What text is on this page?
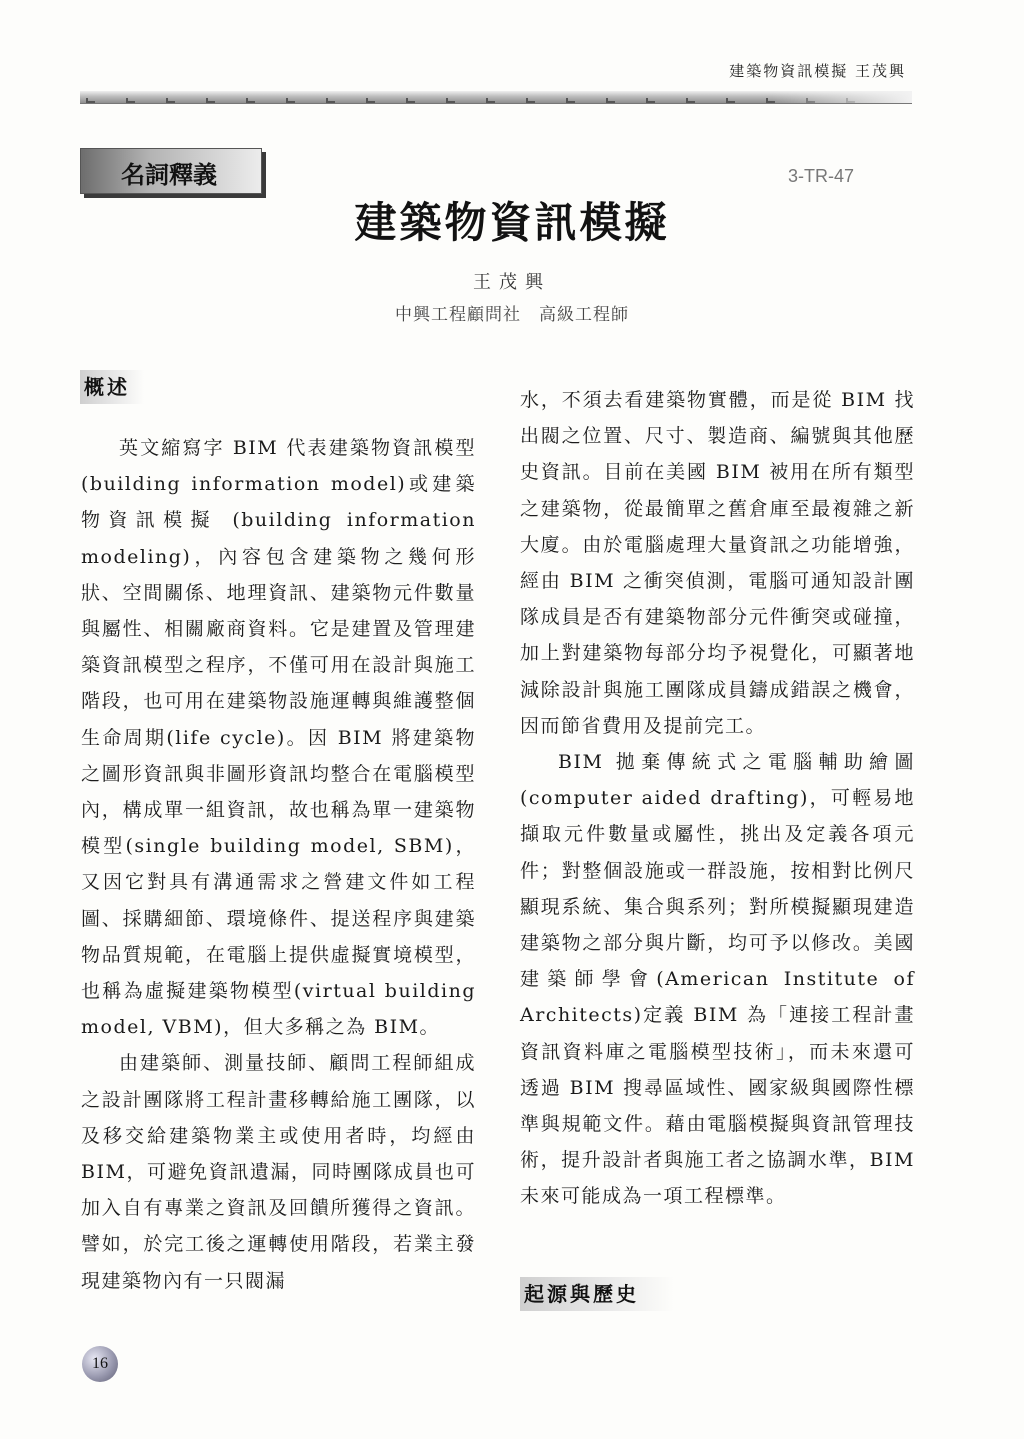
建築物資訊模擬 王茂興
名詞釋義	3-TR-47
建築物資訊模擬
王茂興
中興工程顧問社　高級工程師
概述

英文縮寫字 BIM 代表建築物資訊模型(building information model)或建築物資訊模擬 (building information modeling)，內容包含建築物之幾何形狀、空間關係、地理資訊、建築物元件數量與屬性、相關廠商資料。它是建置及管理建築資訊模型之程序，不僅可用在設計與施工階段，也可用在建築物設施運轉與維護整個生命周期(life cycle)。因 BIM 將建築物之圖形資訊與非圖形資訊均整合在電腦模型內，構成單一組資訊，故也稱為單一建築物模型(single building model, SBM)，又因它對具有溝通需求之營建文件如工程圖、採購細節、環境條件、提送程序與建築物品質規範，在電腦上提供虛擬實境模型，也稱為虛擬建築物模型(virtual building model, VBM)，但大多稱之為 BIM。

由建築師、測量技師、顧問工程師組成之設計團隊將工程計畫移轉給施工團隊，以及移交給建築物業主或使用者時，均經由 BIM，可避免資訊遺漏，同時團隊成員也可加入自有專業之資訊及回饋所獲得之資訊。譬如，於完工後之運轉使用階段，若業主發現建築物內有一只閥漏

水，不須去看建築物實體，而是從 BIM 找出閥之位置、尺寸、製造商、編號與其他歷史資訊。目前在美國 BIM 被用在所有類型之建築物，從最簡單之舊倉庫至最複雜之新大廈。由於電腦處理大量資訊之功能增強，經由 BIM 之衝突偵測，電腦可通知設計團隊成員是否有建築物部分元件衝突或碰撞，加上對建築物每部分均予視覺化，可顯著地減除設計與施工團隊成員鑄成錯誤之機會，因而節省費用及提前完工。

BIM 拋棄傳統式之電腦輔助繪圖(computer aided drafting)，可輕易地擷取元件數量或屬性，挑出及定義各項元件；對整個設施或一群設施，按相對比例尺顯現系統、集合與系列；對所模擬顯現建造建築物之部分與片斷，均可予以修改。美國建築師學會(American Institute of Architects)定義 BIM 為「連接工程計畫資訊資料庫之電腦模型技術」，而未來還可透過 BIM 搜尋區域性、國家級與國際性標準與規範文件。藉由電腦模擬與資訊管理技術，提升設計者與施工者之協調水準，BIM 未來可能成為一項工程標準。

起源與歷史
16
